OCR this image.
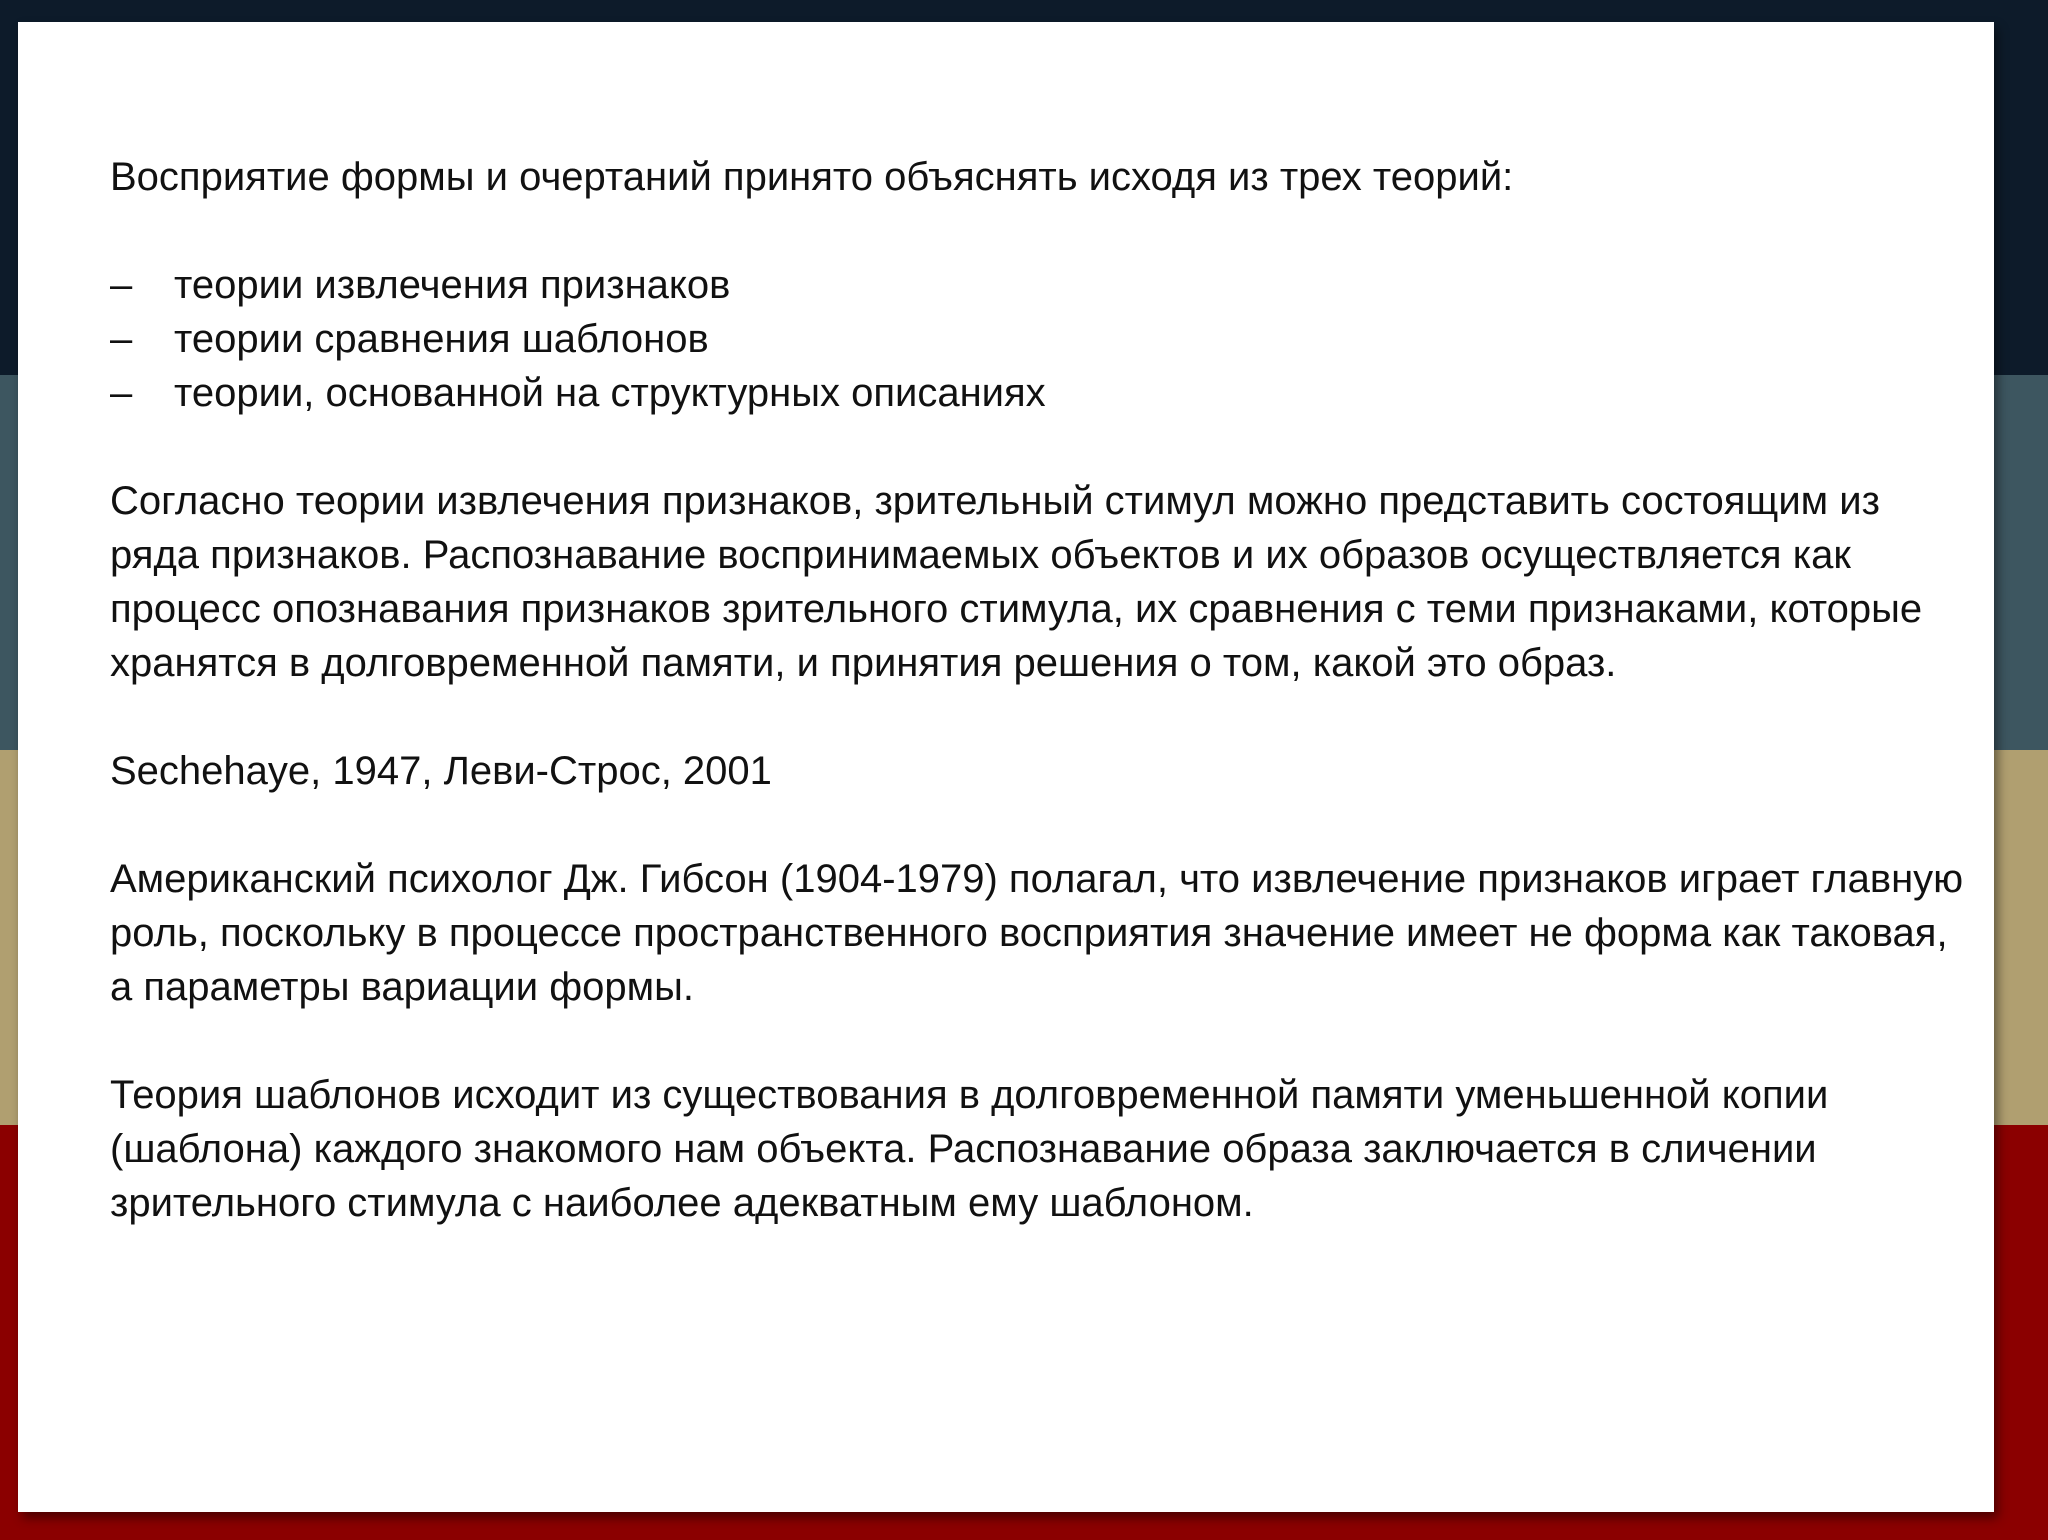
Восприятие формы и очертаний принято объяснять исходя из трех теорий:

– теории извлечения признаков
– теории сравнения шаблонов
– теории, основанной на структурных описаниях

Согласно теории извлечения признаков, зрительный стимул можно представить состоящим из ряда признаков. Распознавание воспринимаемых объектов и их образов осуществляется как процесс опознавания признаков зрительного стимула, их сравнения с теми признаками, которые хранятся в долговременной памяти, и принятия решения о том, какой это образ.

Sechehaye, 1947, Леви-Строс, 2001

Американский психолог Дж. Гибсон (1904-1979) полагал, что извлечение признаков играет главную роль, поскольку в процессе пространственного восприятия значение имеет не форма как таковая, а параметры вариации формы.

Теория шаблонов исходит из существования в долговременной памяти уменьшенной копии (шаблона) каждого знакомого нам объекта. Распознавание образа заключается в сличении зрительного стимула с наиболее адекватным ему шаблоном.
